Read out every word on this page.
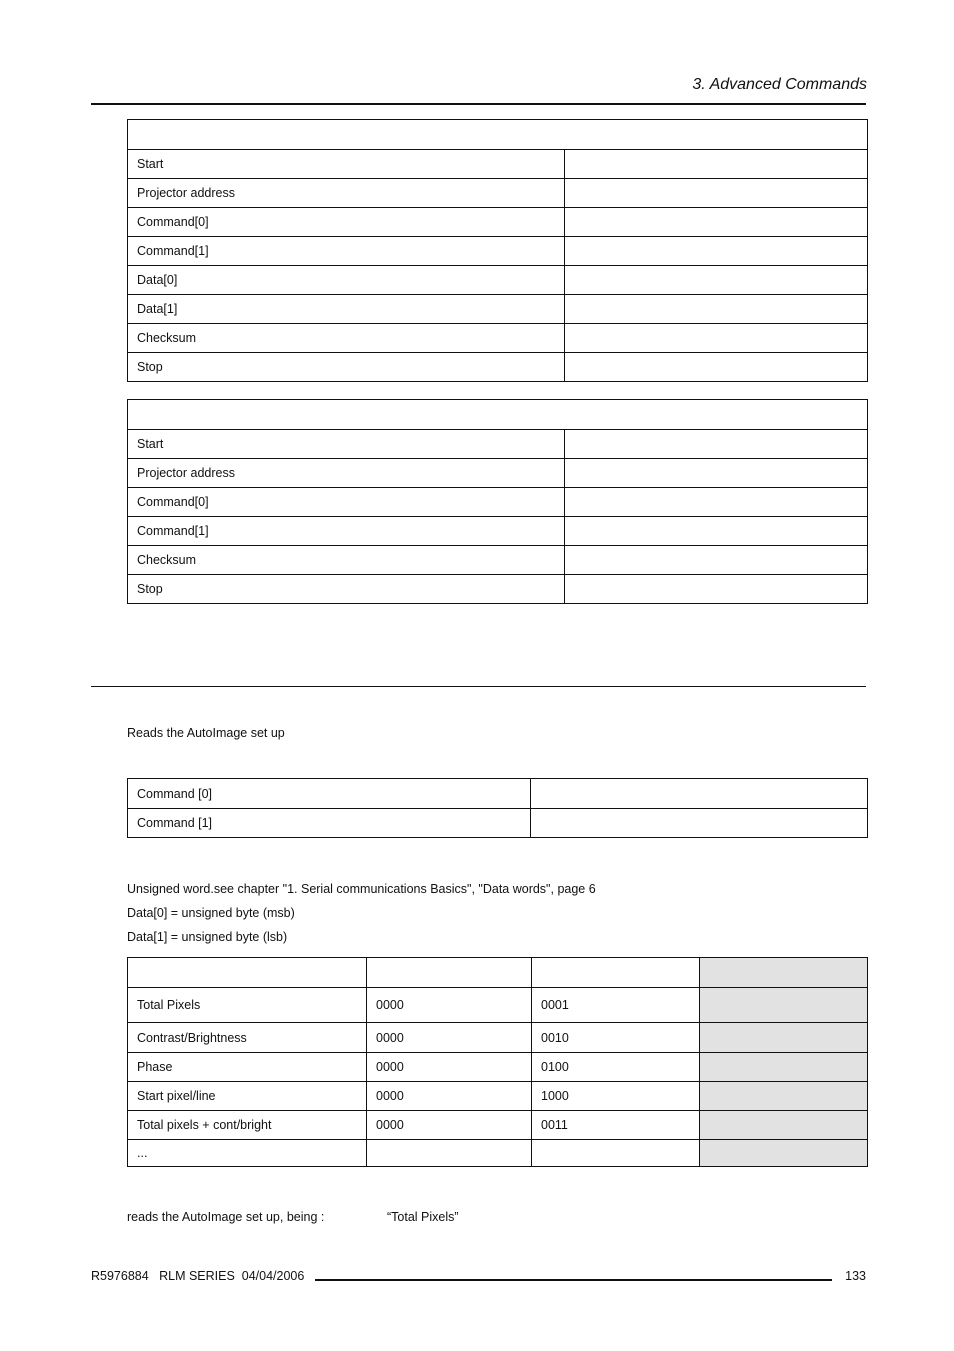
3. Advanced Commands

Start	
Projector address	
Command[0]	
Command[1]	
Data[0]	
Data[1]	
Checksum	
Stop	

Start	
Projector address	
Command[0]	
Command[1]	
Checksum	
Stop	
Reads the AutoImage set up
Command [0]	
Command [1]	
Unsigned word.see chapter "1. Serial communications Basics", "Data words", page 6
Data[0] = unsigned byte (msb)
Data[1] = unsigned byte (lsb)

Total Pixels	0000	0001	
Contrast/Brightness	0000	0010	
Phase	0000	0100	
Start pixel/line	0000	1000	
Total pixels + cont/bright	0000	0011	
...			
reads the AutoImage set up, being :	“Total Pixels”
R5976884   RLM SERIES  04/04/2006	133
